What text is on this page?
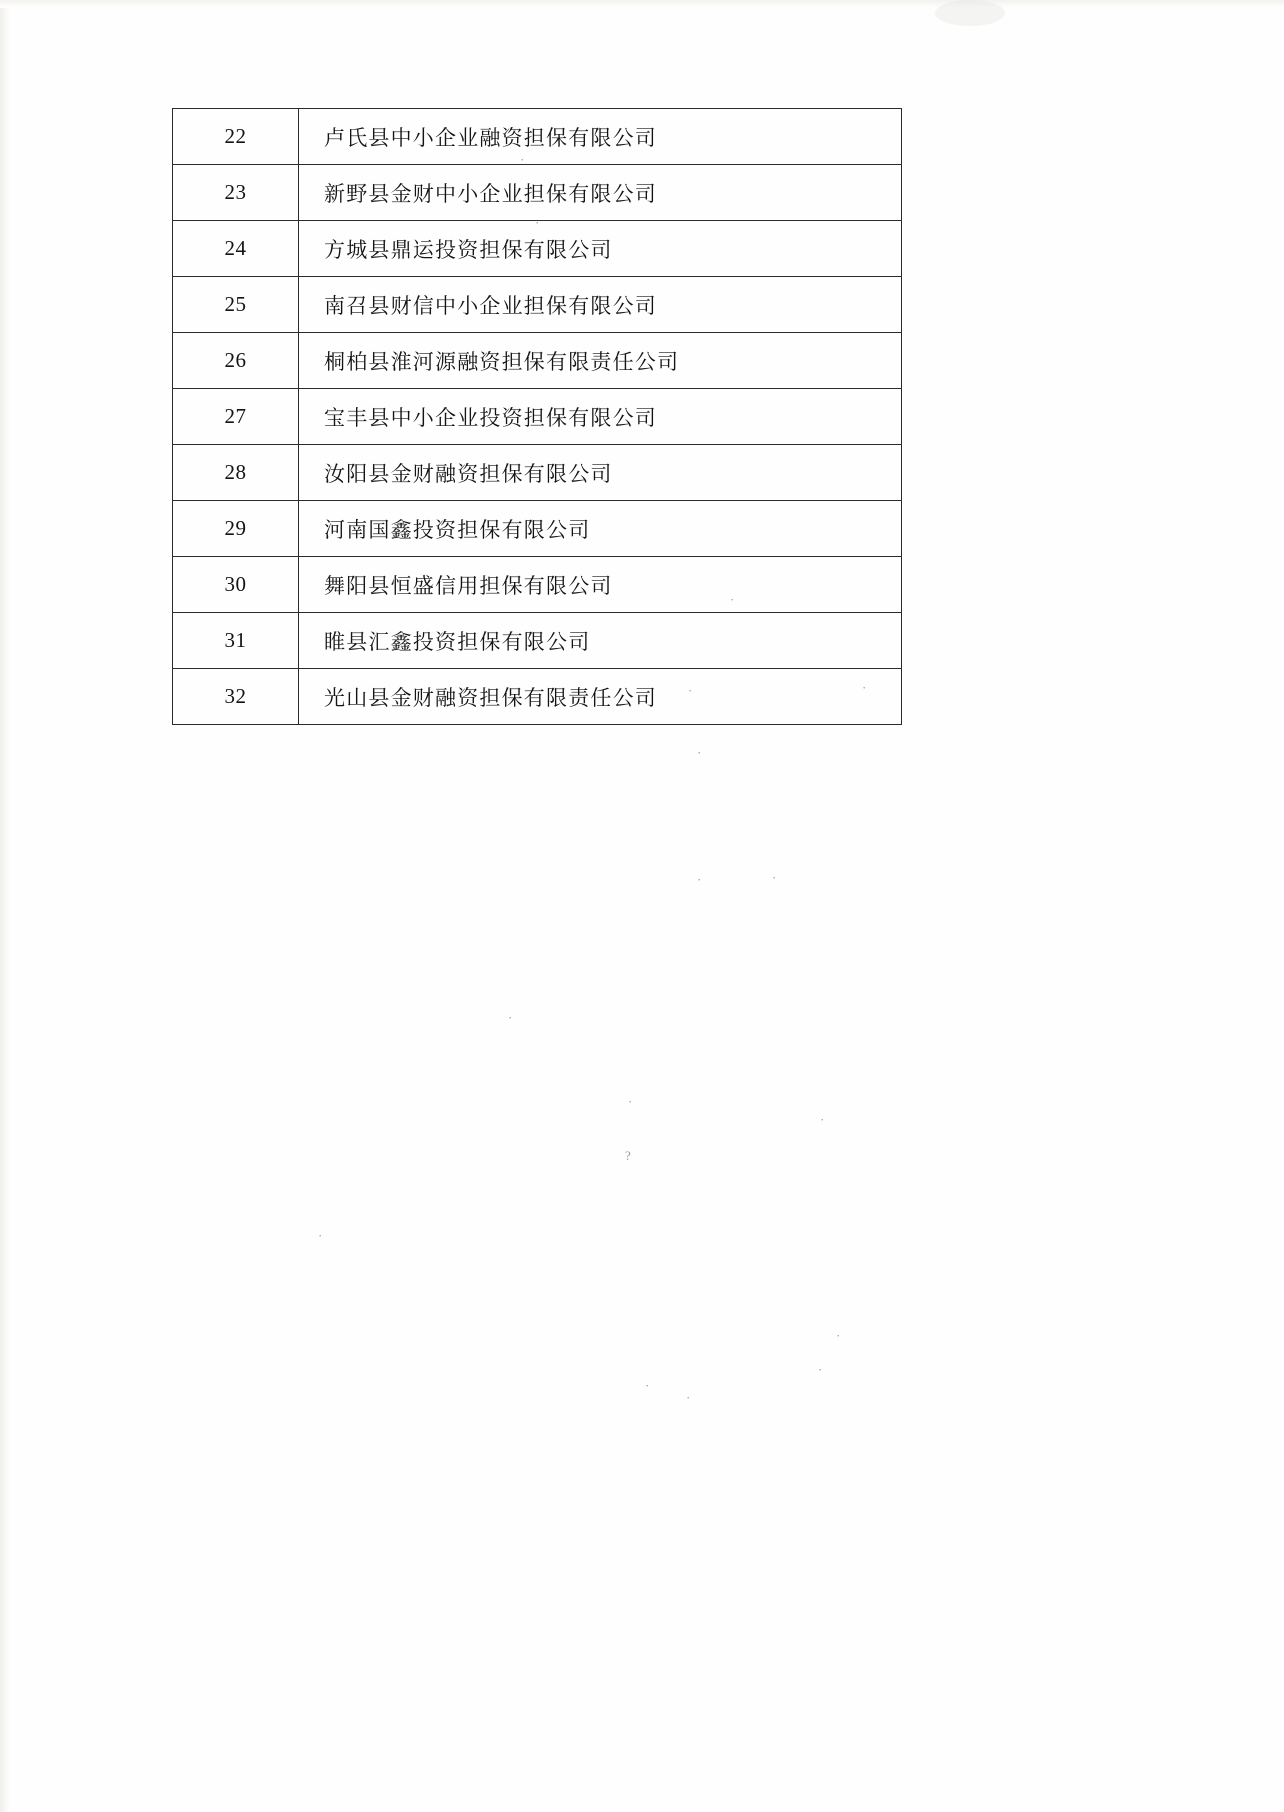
22	卢氏县中小企业融资担保有限公司
23	新野县金财中小企业担保有限公司
24	方城县鼎运投资担保有限公司
25	南召县财信中小企业担保有限公司
26	桐柏县淮河源融资担保有限责任公司
27	宝丰县中小企业投资担保有限公司
28	汝阳县金财融资担保有限公司
29	河南国鑫投资担保有限公司
30	舞阳县恒盛信用担保有限公司
31	睢县汇鑫投资担保有限公司
32	光山县金财融资担保有限责任公司
·
·
·
·	·
·
·	·
·
·
·
?
·
·
·
·
·
